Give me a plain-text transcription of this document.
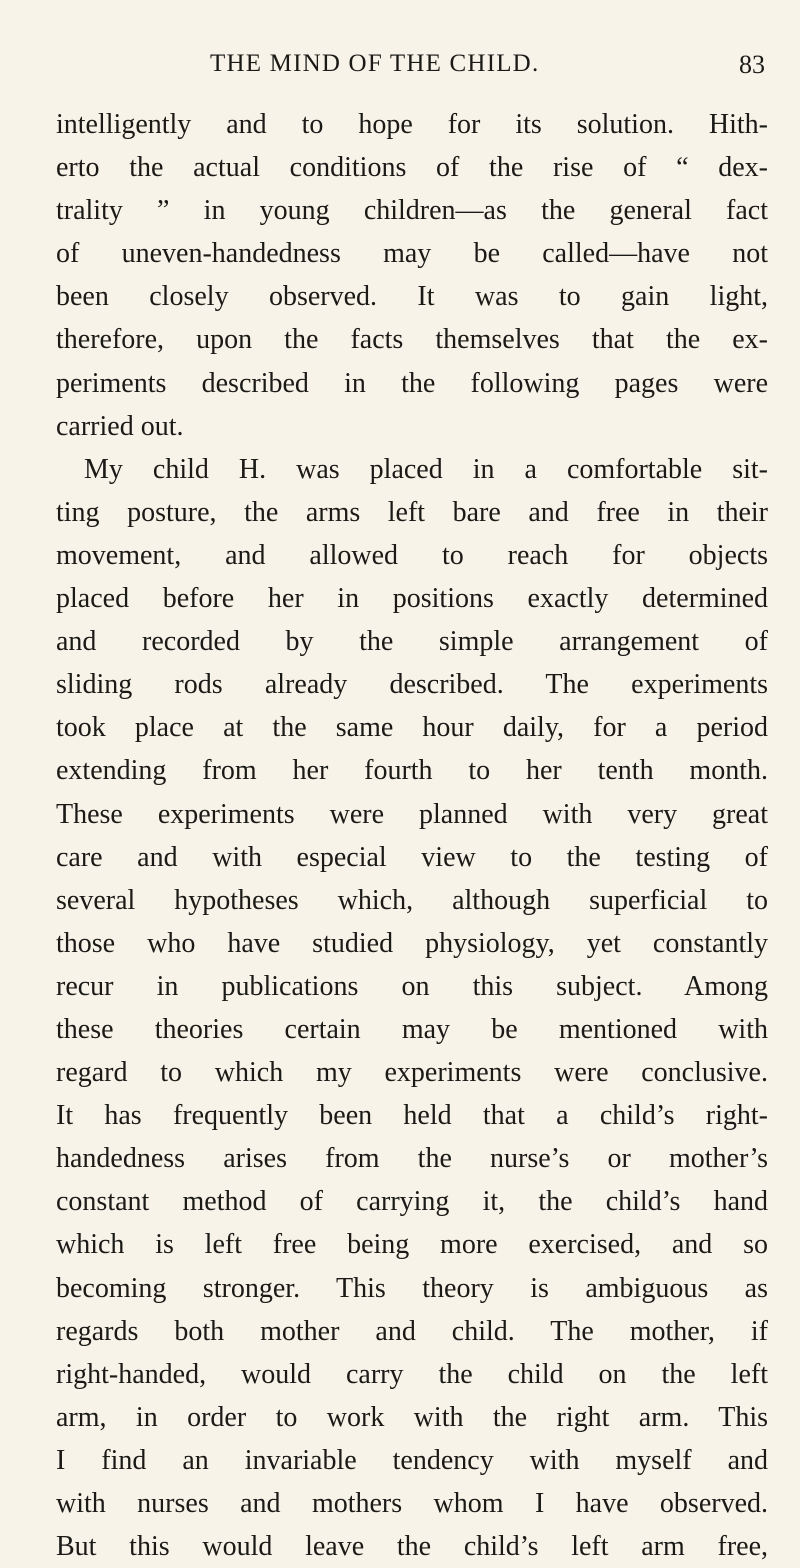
THE MIND OF THE CHILD.	83
intelligently and to hope for its solution. Hith-
erto the actual conditions of the rise of “ dex-
trality ” in young children—as the general fact
of uneven-handedness may be called—have not
been closely observed. It was to gain light,
therefore, upon the facts themselves that the ex-
periments described in the following pages were
carried out.
My child H. was placed in a comfortable sit-
ting posture, the arms left bare and free in their
movement, and allowed to reach for objects
placed before her in positions exactly determined
and recorded by the simple arrangement of
sliding rods already described. The experiments
took place at the same hour daily, for a period
extending from her fourth to her tenth month.
These experiments were planned with very great
care and with especial view to the testing of
several hypotheses which, although superficial to
those who have studied physiology, yet constantly
recur in publications on this subject. Among
these theories certain may be mentioned with
regard to which my experiments were conclusive.
It has frequently been held that a child’s right-
handedness arises from the nurse’s or mother’s
constant method of carrying it, the child’s hand
which is left free being more exercised, and so
becoming stronger. This theory is ambiguous as
regards both mother and child. The mother, if
right-handed, would carry the child on the left
arm, in order to work with the right arm. This
I find an invariable tendency with myself and
with nurses and mothers whom I have observed.
But this would leave the child’s left arm free,
